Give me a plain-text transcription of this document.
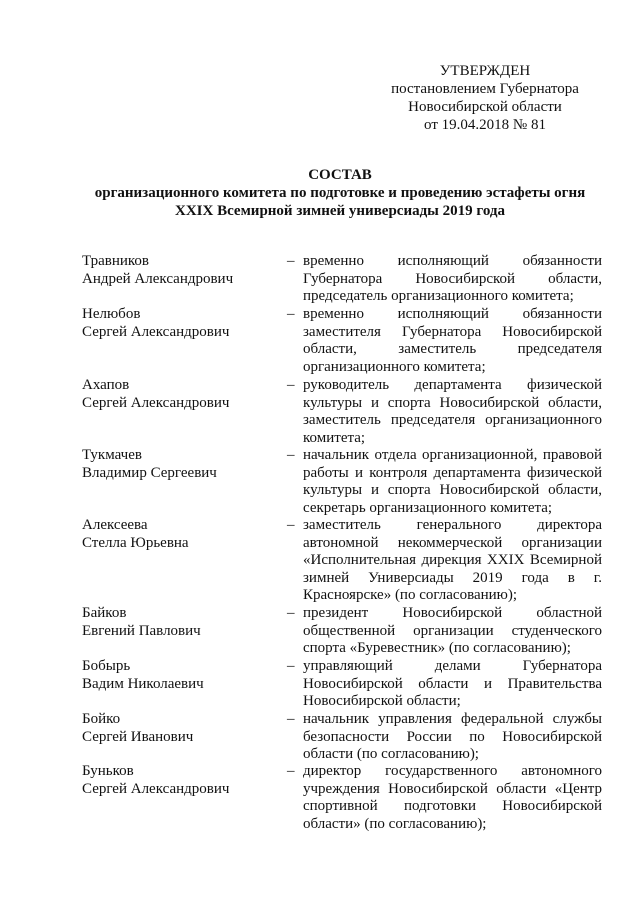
УТВЕРЖДЕН
постановлением Губернатора
Новосибирской области
от 19.04.2018 № 81
СОСТАВ
организационного комитета по подготовке и проведению эстафеты огня
XXIX Всемирной зимней универсиады 2019 года
Травников
Андрей Александрович
– временно исполняющий обязанности Губернатора Новосибирской области, председатель организационного комитета;
Нелюбов
Сергей Александрович
– временно исполняющий обязанности заместителя Губернатора Новосибирской области, заместитель председателя организационного комитета;
Ахапов
Сергей Александрович
– руководитель департамента физической культуры и спорта Новосибирской области, заместитель председателя организационного комитета;
Тукмачев
Владимир Сергеевич
– начальник отдела организационной, правовой работы и контроля департамента физической культуры и спорта Новосибирской области, секретарь организационного комитета;
Алексеева
Стелла Юрьевна
– заместитель генерального директора автономной некоммерческой организации «Исполнительная дирекция XXIX Всемирной зимней Универсиады 2019 года в г. Красноярске» (по согласованию);
Байков
Евгений Павлович
– президент Новосибирской областной общественной организации студенческого спорта «Буревестник» (по согласованию);
Бобырь
Вадим Николаевич
– управляющий делами Губернатора Новосибирской области и Правительства Новосибирской области;
Бойко
Сергей Иванович
– начальник управления федеральной службы безопасности России по Новосибирской области (по согласованию);
Буньков
Сергей Александрович
– директор государственного автономного учреждения Новосибирской области «Центр спортивной подготовки Новосибирской области» (по согласованию);
